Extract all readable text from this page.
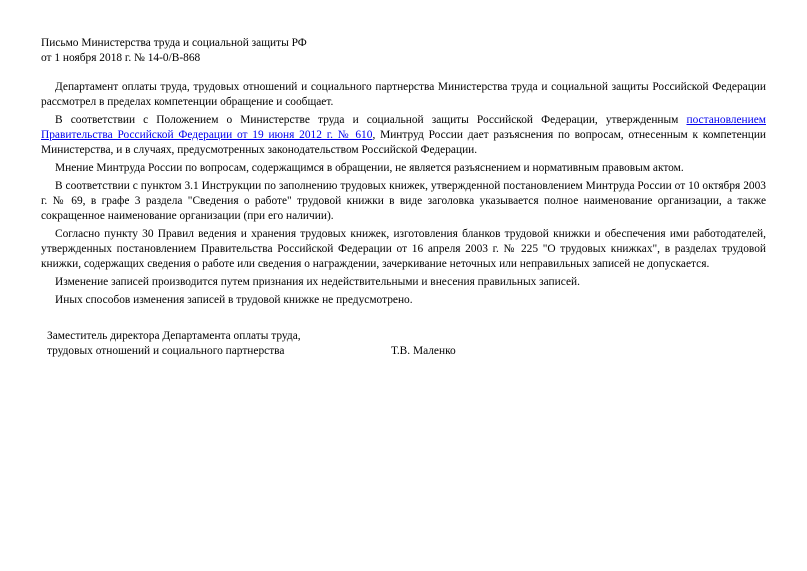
Письмо Министерства труда и социальной защиты РФ
от 1 ноября 2018 г. № 14-0/В-868

Департамент оплаты труда, трудовых отношений и социального партнерства Министерства труда и социальной защиты Российской Федерации рассмотрел в пределах компетенции обращение и сообщает.

В соответствии с Положением о Министерстве труда и социальной защиты Российской Федерации, утвержденным постановлением Правительства Российской Федерации от 19 июня 2012 г. № 610, Минтруд России дает разъяснения по вопросам, отнесенным к компетенции Министерства, и в случаях, предусмотренных законодательством Российской Федерации.

Мнение Минтруда России по вопросам, содержащимся в обращении, не является разъяснением и нормативным правовым актом.

В соответствии с пунктом 3.1 Инструкции по заполнению трудовых книжек, утвержденной постановлением Минтруда России от 10 октября 2003 г. № 69, в графе 3 раздела "Сведения о работе" трудовой книжки в виде заголовка указывается полное наименование организации, а также сокращенное наименование организации (при его наличии).

Согласно пункту 30 Правил ведения и хранения трудовых книжек, изготовления бланков трудовой книжки и обеспечения ими работодателей, утвержденных постановлением Правительства Российской Федерации от 16 апреля 2003 г. № 225 "О трудовых книжках", в разделах трудовой книжки, содержащих сведения о работе или сведения о награждении, зачеркивание неточных или неправильных записей не допускается.

Изменение записей производится путем признания их недействительными и внесения правильных записей.

Иных способов изменения записей в трудовой книжке не предусмотрено.

Заместитель директора Департамента оплаты труда,
трудовых отношений и социального партнерства	Т.В. Маленко
